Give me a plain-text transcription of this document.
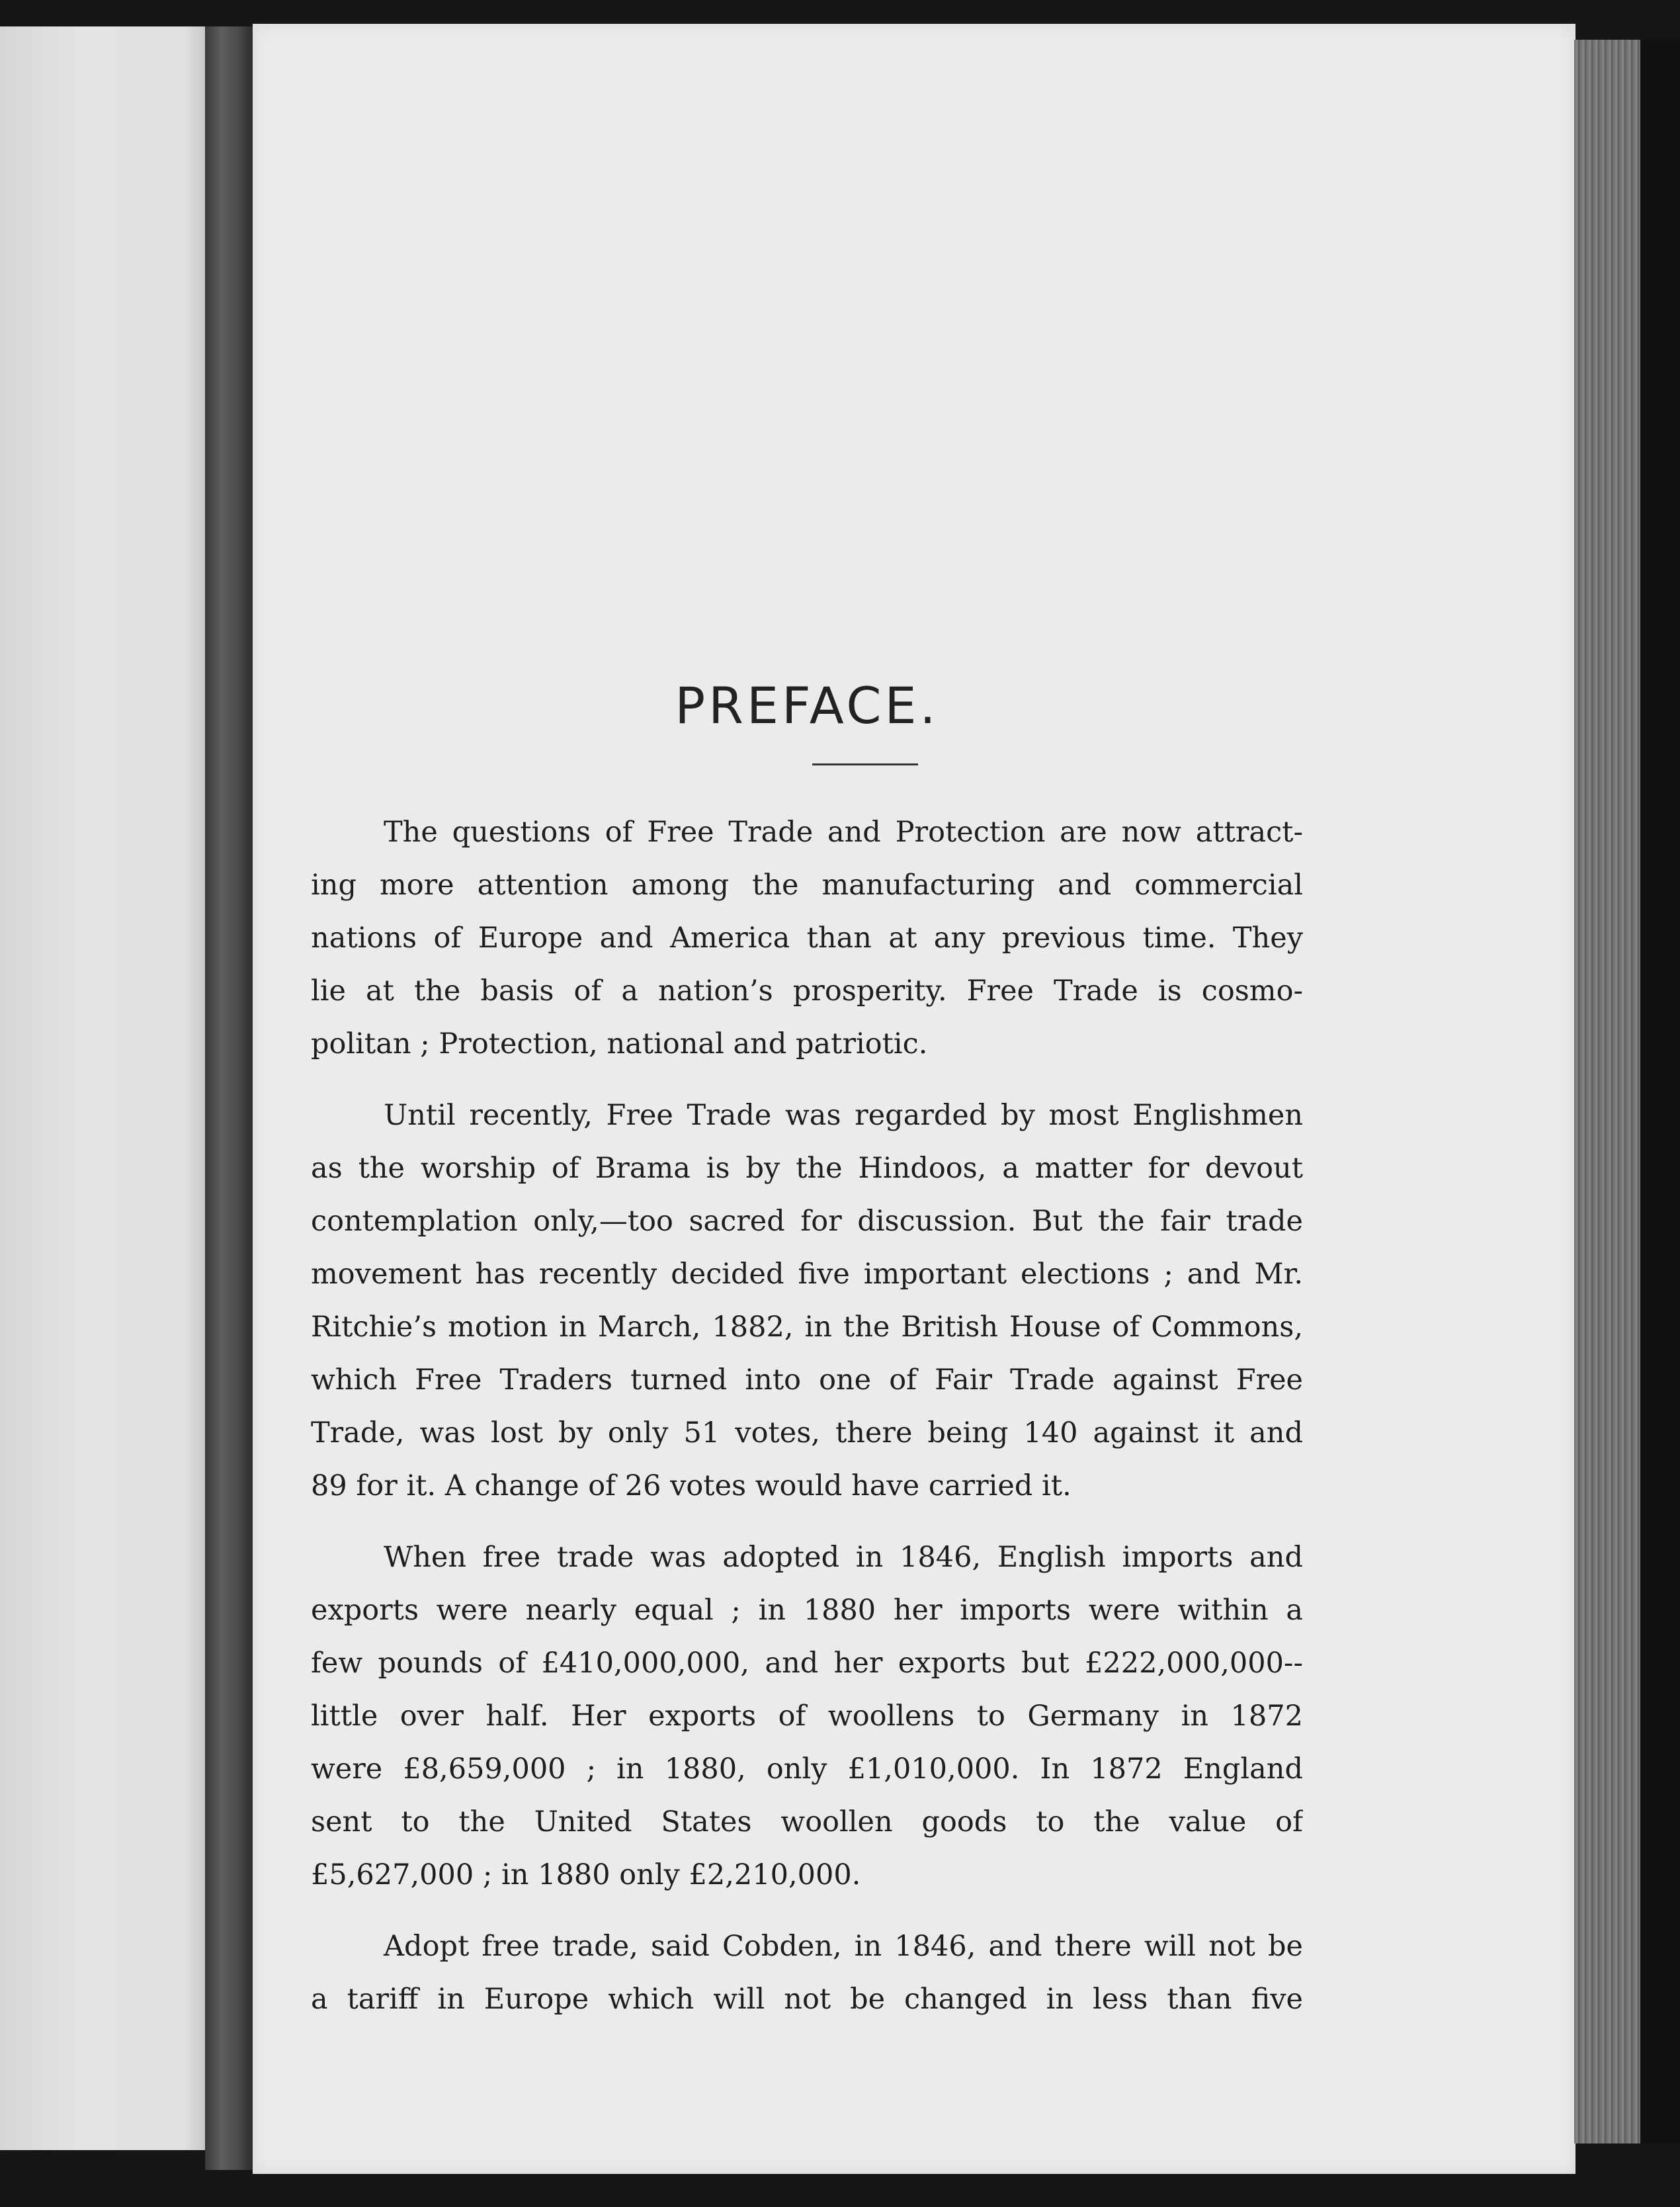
PREFACE.
The questions of Free Trade and Protection are now attract-
ing more attention among the manufacturing and commercial
nations of Europe and America than at any previous time. They
lie at the basis of a nation’s prosperity. Free Trade is cosmo-
politan ; Protection, national and patriotic.
Until recently, Free Trade was regarded by most Englishmen
as the worship of Brama is by the Hindoos, a matter for devout
contemplation only,—too sacred for discussion. But the fair trade
movement has recently decided five important elections ; and Mr.
Ritchie’s motion in March, 1882, in the British House of Commons,
which Free Traders turned into one of Fair Trade against Free
Trade, was lost by only 51 votes, there being 140 against it and
89 for it. A change of 26 votes would have carried it.
When free trade was adopted in 1846, English imports and
exports were nearly equal ; in 1880 her imports were within a
few pounds of £410,000,000, and her exports but £222,000,000--
little over half. Her exports of woollens to Germany in 1872
were £8,659,000 ; in 1880, only £1,010,000. In 1872 England
sent to the United States woollen goods to the value of
£5,627,000 ; in 1880 only £2,210,000.
Adopt free trade, said Cobden, in 1846, and there will not be
a tariff in Europe which will not be changed in less than five
